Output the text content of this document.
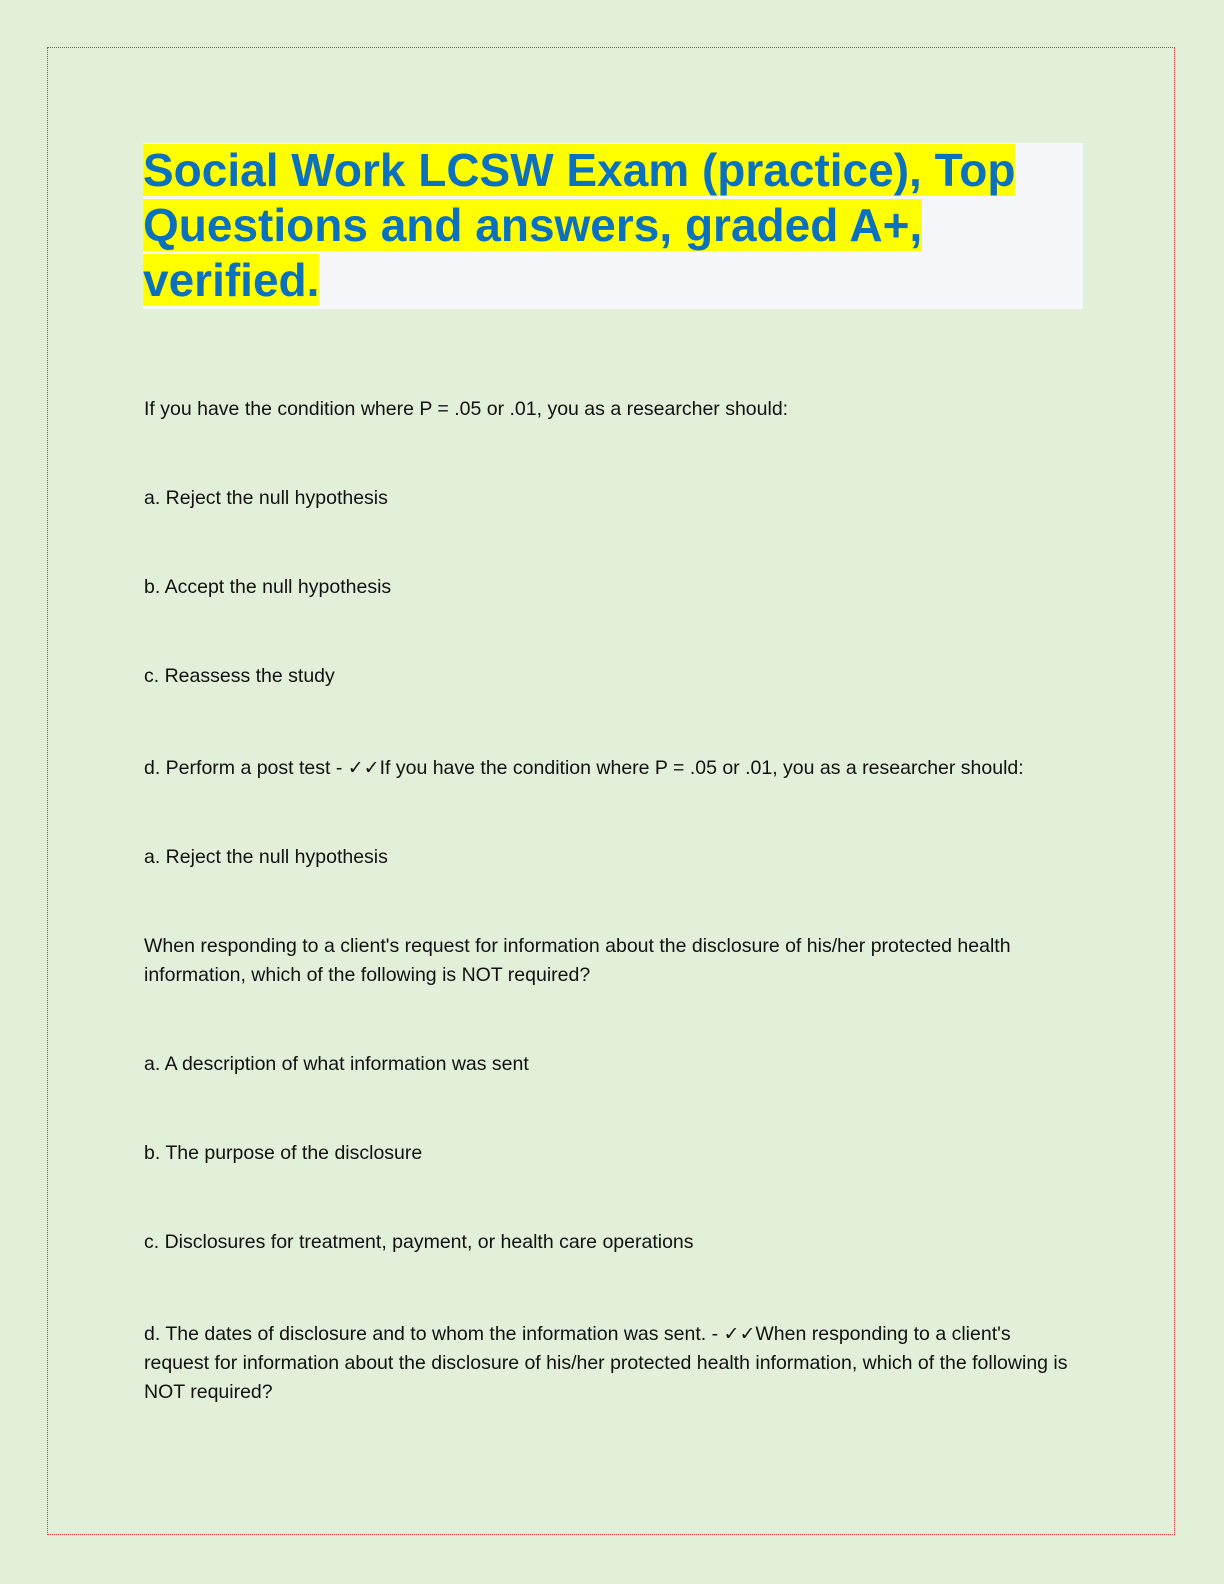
Social Work LCSW Exam (practice), Top Questions and answers, graded A+, verified.
If you have the condition where P = .05 or .01, you as a researcher should:
a. Reject the null hypothesis
b. Accept the null hypothesis
c. Reassess the study
d. Perform a post test - ✓✓If you have the condition where P = .05 or .01, you as a researcher should:
a. Reject the null hypothesis
When responding to a client's request for information about the disclosure of his/her protected health information, which of the following is NOT required?
a. A description of what information was sent
b. The purpose of the disclosure
c. Disclosures for treatment, payment, or health care operations
d. The dates of disclosure and to whom the information was sent. - ✓✓When responding to a client's request for information about the disclosure of his/her protected health information, which of the following is NOT required?
